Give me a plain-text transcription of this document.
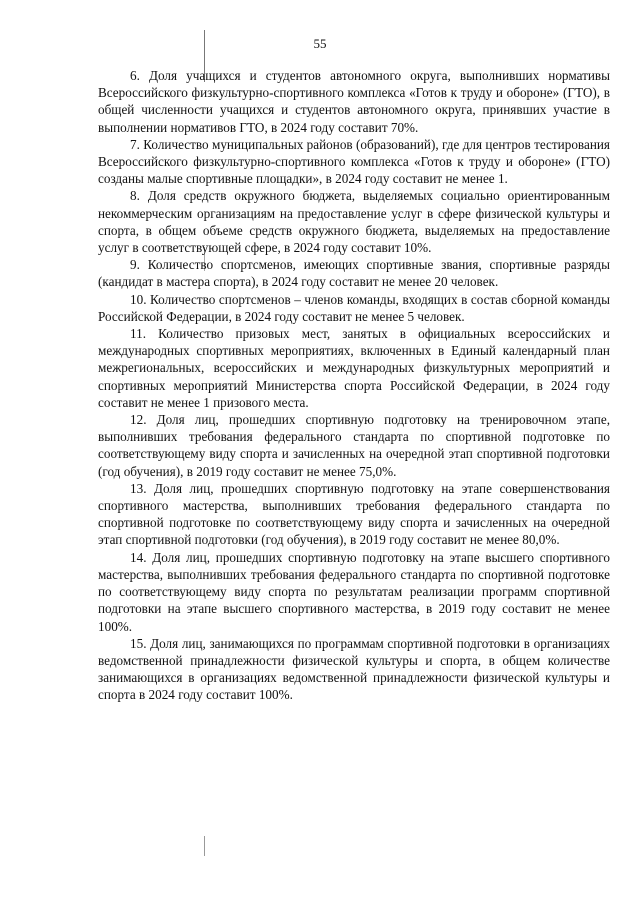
55

6. Доля учащихся и студентов автономного округа, выполнивших нормативы Всероссийского физкультурно-спортивного комплекса «Готов к труду и обороне» (ГТО), в общей численности учащихся и студентов автономного округа, принявших участие в выполнении нормативов ГТО, в 2024 году составит 70%.

7. Количество муниципальных районов (образований), где для центров тестирования Всероссийского физкультурно-спортивного комплекса «Готов к труду и обороне» (ГТО) созданы малые спортивные площадки», в 2024 году составит не менее 1.

8. Доля средств окружного бюджета, выделяемых социально ориентированным некоммерческим организациям на предоставление услуг в сфере физической культуры и спорта, в общем объеме средств окружного бюджета, выделяемых на предоставление услуг в соответствующей сфере, в 2024 году составит 10%.

9. Количество спортсменов, имеющих спортивные звания, спортивные разряды (кандидат в мастера спорта), в 2024 году составит не менее 20 человек.

10. Количество спортсменов – членов команды, входящих в состав сборной команды Российской Федерации, в 2024 году составит не менее 5 человек.

11. Количество призовых мест, занятых в официальных всероссийских и международных спортивных мероприятиях, включенных в Единый календарный план межрегиональных, всероссийских и международных физкультурных мероприятий и спортивных мероприятий Министерства спорта Российской Федерации, в 2024 году составит не менее 1 призового места.

12. Доля лиц, прошедших спортивную подготовку на тренировочном этапе, выполнивших требования федерального стандарта по спортивной подготовке по соответствующему виду спорта и зачисленных на очередной этап спортивной подготовки (год обучения), в 2019 году составит не менее 75,0%.

13. Доля лиц, прошедших спортивную подготовку на этапе совершенствования спортивного мастерства, выполнивших требования федерального стандарта по спортивной подготовке по соответствующему виду спорта и зачисленных на очередной этап спортивной подготовки (год обучения), в 2019 году составит не менее 80,0%.

14. Доля лиц, прошедших спортивную подготовку на этапе высшего спортивного мастерства, выполнивших требования федерального стандарта по спортивной подготовке по соответствующему виду спорта по результатам реализации программ спортивной подготовки на этапе высшего спортивного мастерства, в 2019 году составит не менее 100%.

15. Доля лиц, занимающихся по программам спортивной подготовки в организациях ведомственной принадлежности физической культуры и спорта, в общем количестве занимающихся в организациях ведомственной принадлежности физической культуры и спорта в 2024 году составит 100%.
